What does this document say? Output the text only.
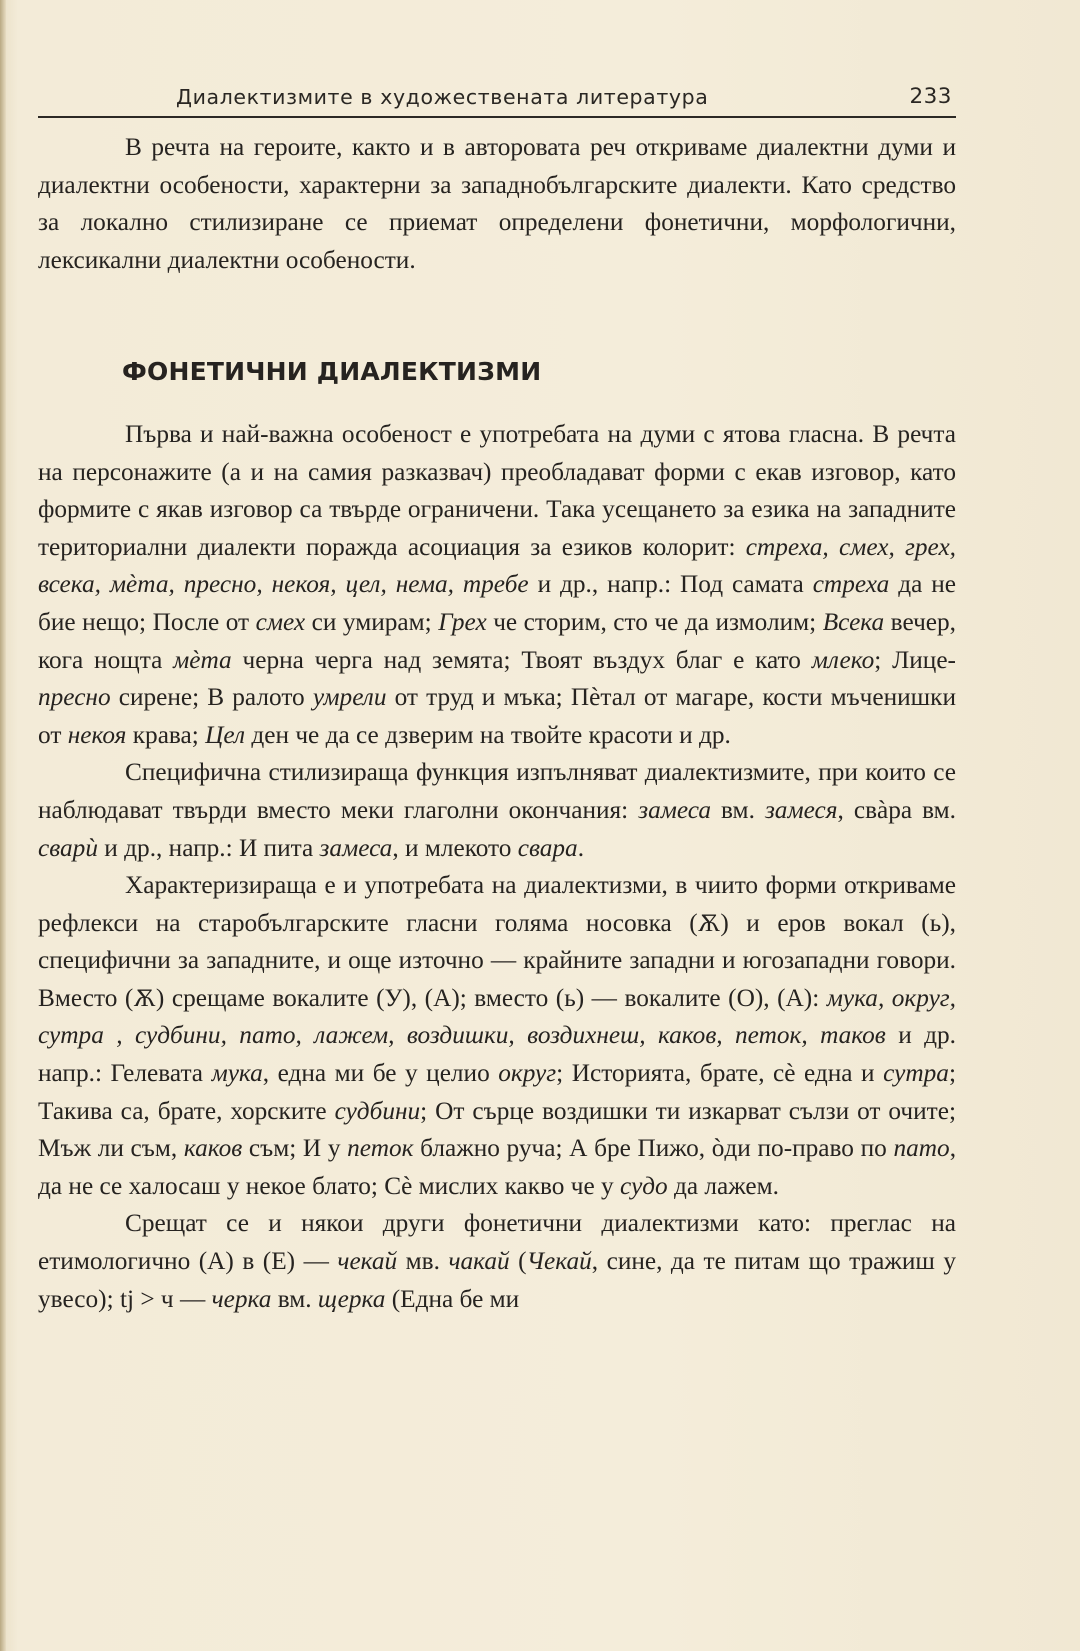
Диалектизмите в художествената литература	233

В речта на героите, както и в авторовата реч откриваме диалектни думи и диалектни особености, характерни за западнобългарските диалекти. Като средство за локално стилизиране се приемат определени фонетични, морфологични, лексикални диалектни особености.

ФОНЕТИЧНИ ДИАЛЕКТИЗМИ

Първа и най-важна особеност е употребата на думи с ятова гласна. В речта на персонажите (а и на самия разказвач) преобладават форми с екав изговор, като формите с якав изговор са твърде ограничени. Така усещането за езика на западните териториални диалекти поражда асоциация за езиков колорит: стреха, смех, грех, всека, мѐта, пресно, некоя, цел, нема, требе и др., напр.: Под самата стреха да не бие нещо; После от смех си умирам; Грех че сторим, сто че да измолим; Всека вечер, кога нощта мѐта черна черга над земята; Твоят въздух благ е като млеко; Лице-пресно сирене; В ралото умрели от труд и мъка; Пѐтал от магаре, кости мъченишки от некоя крава; Цел ден че да се дзверим на твойте красоти и др.

Специфична стилизираща функция изпълняват диалектизмите, при които се наблюдават твърди вместо меки глаголни окончания: замеса вм. замеся, свàра вм. сварѝ и др., напр.: И пита замеса, и млекото свара.

Характеризираща е и употребата на диалектизми, в чиито форми откриваме рефлекси на старобългарските гласни голяма носовка (Ѫ) и еров вокал (ь), специфични за западните, и още източно — крайните западни и югозападни говори. Вместо (Ѫ) срещаме вокалите (У), (А); вместо (ь) — вокалите (О), (А): мука, округ, сутра , судбини, пато, лажем, воздишки, воздихнеш, каков, петок, таков и др. напр.: Гелевата мука, една ми бе у целио округ; Историята, брате, сѐ една и сутра; Такива са, брате, хорските судбини; От сърце воздишки ти изкарват сълзи от очите; Мъж ли съм, каков съм; И у петок блажно руча; А бре Пижо, òди по-право по пато, да не се халосаш у некое блато; Сѐ мислих какво че у судо да лажем.

Срещат се и някои други фонетични диалектизми като: преглас на етимологично (А) в (Е) — чекай мв. чакай (Чекай, сине, да те питам що тражиш у увесо); tj > ч — черка вм. щерка (Една бе ми
